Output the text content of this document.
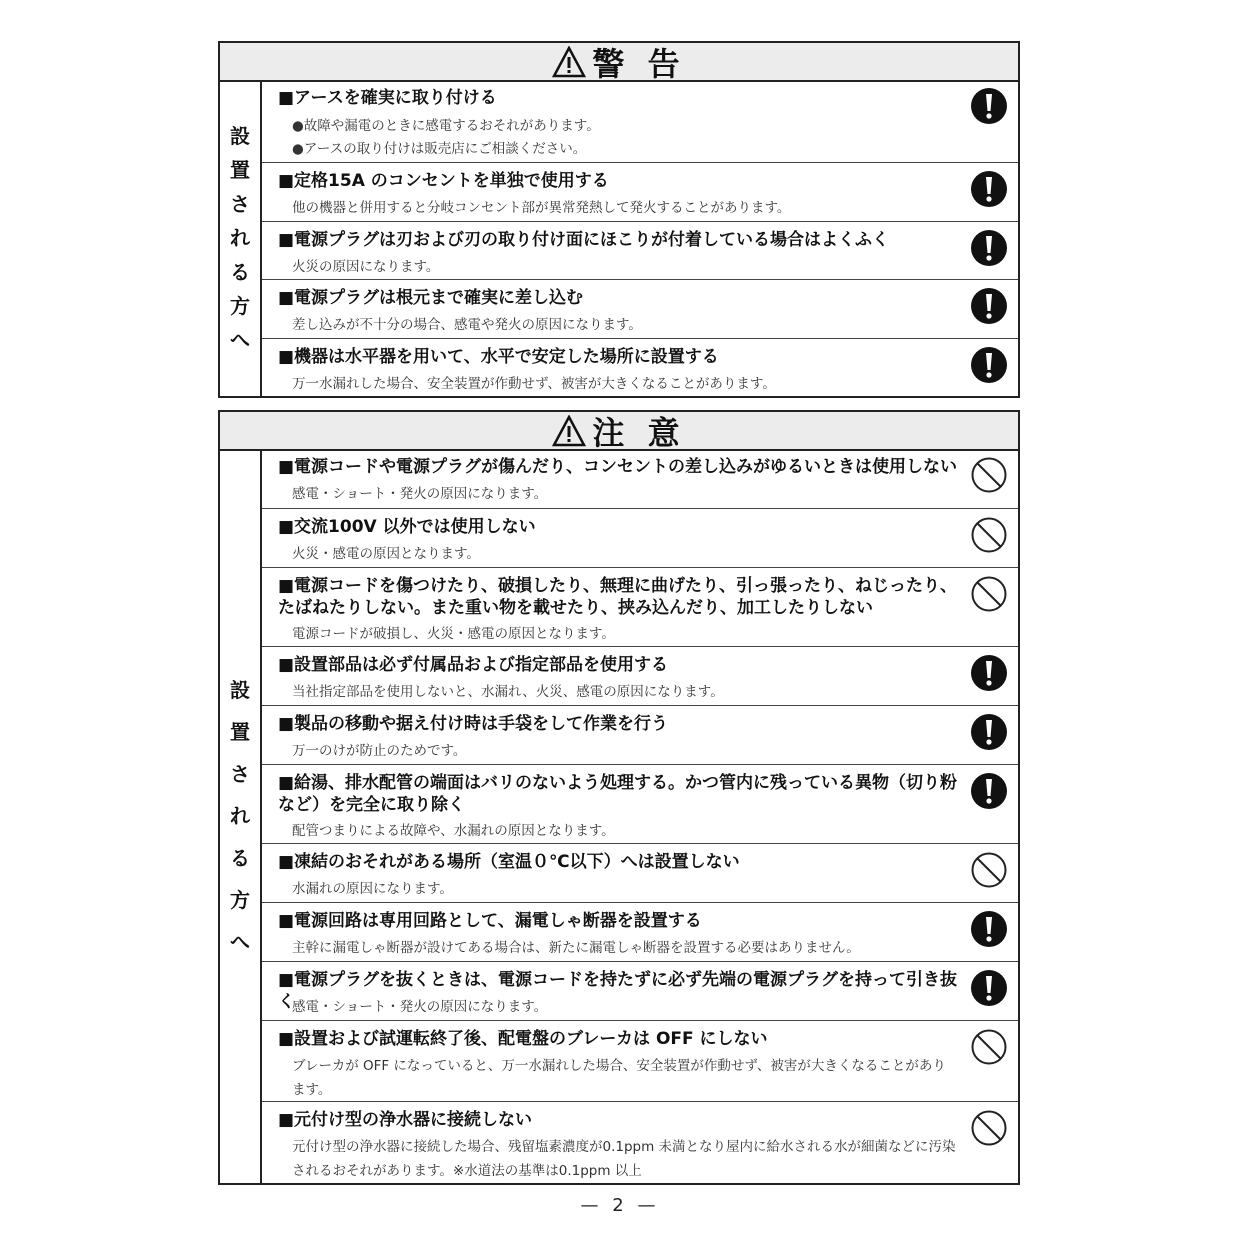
警 告
設
置
さ
れ
る
方
へ
■アースを確実に取り付ける
●故障や漏電のときに感電するおそれがあります。
●アースの取り付けは販売店にご相談ください。
■定格15A のコンセントを単独で使用する
他の機器と併用すると分岐コンセント部が異常発熱して発火することがあります。
■電源プラグは刃および刃の取り付け面にほこりが付着している場合はよくふく
火災の原因になります。
■電源プラグは根元まで確実に差し込む
差し込みが不十分の場合、感電や発火の原因になります。
■機器は水平器を用いて、水平で安定した場所に設置する
万一水漏れした場合、安全装置が作動せず、被害が大きくなることがあります。
注 意
設
置
さ
れ
る
方
へ
■電源コードや電源プラグが傷んだり、コンセントの差し込みがゆるいときは使用しない
感電・ショート・発火の原因になります。
■交流100V 以外では使用しない
火災・感電の原因となります。
■電源コードを傷つけたり、破損したり、無理に曲げたり、引っ張ったり、ねじったり、たばねたりしない。また重い物を載せたり、挟み込んだり、加工したりしない
電源コードが破損し、火災・感電の原因となります。
■設置部品は必ず付属品および指定部品を使用する
当社指定部品を使用しないと、水漏れ、火災、感電の原因になります。
■製品の移動や据え付け時は手袋をして作業を行う
万一のけが防止のためです。
■給湯、排水配管の端面はバリのないよう処理する。かつ管内に残っている異物（切り粉など）を完全に取り除く
配管つまりによる故障や、水漏れの原因となります。
■凍結のおそれがある場所（室温０℃以下）へは設置しない
水漏れの原因になります。
■電源回路は専用回路として、漏電しゃ断器を設置する
主幹に漏電しゃ断器が設けてある場合は、新たに漏電しゃ断器を設置する必要はありません。
■電源プラグを抜くときは、電源コードを持たずに必ず先端の電源プラグを持って引き抜く
感電・ショート・発火の原因になります。
■設置および試運転終了後、配電盤のブレーカは OFF にしない
ブレーカが OFF になっていると、万一水漏れした場合、安全装置が作動せず、被害が大きくなることがあります。
■元付け型の浄水器に接続しない
元付け型の浄水器に接続した場合、残留塩素濃度が0.1ppm 未満となり屋内に給水される水が細菌などに汚染されるおそれがあります。※水道法の基準は0.1ppm 以上
— 2 —
